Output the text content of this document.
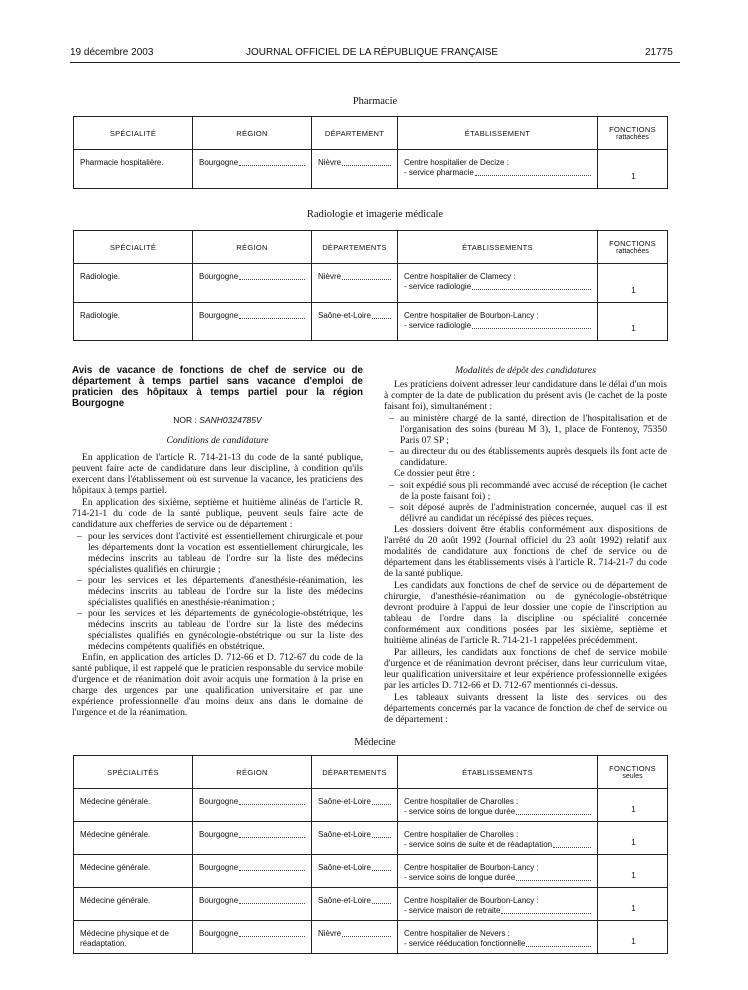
19 décembre 2003	JOURNAL OFFICIEL DE LA RÉPUBLIQUE FRANÇAISE	21775
Pharmacie
SPÉCIALITÉ	RÉGION	DÉPARTEMENT	ÉTABLISSEMENT	FONCTIONS
rattachées

Pharmacie hospitalière.	Bourgogne	Nièvre	Centre hospitalier de Decize :
- service pharmacie	1
Radiologie et imagerie médicale
SPÉCIALITÉ	RÉGION	DÉPARTEMENTS	ÉTABLISSEMENTS	FONCTIONS
rattachées

Radiologie.	Bourgogne	Nièvre	Centre hospitalier de Clamecy :
- service radiologie	1
Radiologie.	Bourgogne	Saône-et-Loire	Centre hospitalier de Bourbon-Lancy :
- service radiologie	1
Avis de vacance de fonctions de chef de service ou de département à temps partiel sans vacance d'emploi de praticien des hôpitaux à temps partiel pour la région Bourgogne
NOR : SANH0324785V
Conditions de candidature

En application de l'article R. 714-21-13 du code de la santé publique, peuvent faire acte de candidature dans leur discipline, à condition qu'ils exercent dans l'établissement où est survenue la vacance, les praticiens des hôpitaux à temps partiel.

En application des sixième, septième et huitième alinéas de l'article R. 714-21-1 du code de la santé publique, peuvent seuls faire acte de candidature aux chefferies de service ou de département :

– pour les services dont l'activité est essentiellement chirurgicale et pour les départements dont la vocation est essentiellement chirurgicale, les médecins inscrits au tableau de l'ordre sur la liste des médecins spécialistes qualifiés en chirurgie ;
– pour les services et les départements d'anesthésie-réanimation, les médecins inscrits au tableau de l'ordre sur la liste des médecins spécialistes qualifiés en anesthésie-réanimation ;
– pour les services et les départements de gynécologie-obstétrique, les médecins inscrits au tableau de l'ordre sur la liste des médecins spécialistes qualifiés en gynécologie-obstétrique ou sur la liste des médecins compétents qualifiés en obstétrique.

Enfin, en application des articles D. 712-66 et D. 712-67 du code de la santé publique, il est rappelé que le praticien responsable du service mobile d'urgence et de réanimation doit avoir acquis une formation à la prise en charge des urgences par une qualification universitaire et par une expérience professionnelle d'au moins deux ans dans le domaine de l'urgence et de la réanimation.

Modalités de dépôt des candidatures

Les praticiens doivent adresser leur candidature dans le délai d'un mois à compter de la date de publication du présent avis (le cachet de la poste faisant foi), simultanément :

– au ministère chargé de la santé, direction de l'hospitalisation et de l'organisation des soins (bureau M 3), 1, place de Fontenoy, 75350 Paris 07 SP ;
– au directeur du ou des établissements auprès desquels ils font acte de candidature.

Ce dossier peut être :

– soit expédié sous pli recommandé avec accusé de réception (le cachet de la poste faisant foi) ;
– soit déposé auprès de l'administration concernée, auquel cas il est délivré au candidat un récépissé des pièces reçues.

Les dossiers doivent être établis conformément aux dispositions de l'arrêté du 20 août 1992 (Journal officiel du 23 août 1992) relatif aux modalités de candidature aux fonctions de chef de service ou de département dans les établissements visés à l'article R. 714-21-7 du code de la santé publique.

Les candidats aux fonctions de chef de service ou de département de chirurgie, d'anesthésie-réanimation ou de gynécologie-obstétrique devront produire à l'appui de leur dossier une copie de l'inscription au tableau de l'ordre dans la discipline ou spécialité concernée conformément aux conditions posées par les sixième, septième et huitième alinéas de l'article R. 714-21-1 rappelées précédemment.

Par ailleurs, les candidats aux fonctions de chef de service mobile d'urgence et de réanimation devront préciser, dans leur curriculum vitae, leur qualification universitaire et leur expérience professionnelle exigées par les articles D. 712-66 et D. 712-67 mentionnés ci-dessus.

Les tableaux suivants dressent la liste des services ou des départements concernés par la vacance de fonction de chef de service ou de département :

Médecine
SPÉCIALITÉS	RÉGION	DÉPARTEMENTS	ÉTABLISSEMENTS	FONCTIONS
seules

Médecine générale.	Bourgogne	Saône-et-Loire	Centre hospitalier de Charolles :
- service soins de longue durée	1
Médecine générale.	Bourgogne	Saône-et-Loire	Centre hospitalier de Charolles :
- service soins de suite et de réadaptation	1
Médecine générale.	Bourgogne	Saône-et-Loire	Centre hospitalier de Bourbon-Lancy :
- service soins de longue durée	1
Médecine générale.	Bourgogne	Saône-et-Loire	Centre hospitalier de Bourbon-Lancy :
- service maison de retraite	1
Médecine physique et de réadaptation.	Bourgogne	Nièvre	Centre hospitalier de Nevers :
- service rééducation fonctionnelle	1
